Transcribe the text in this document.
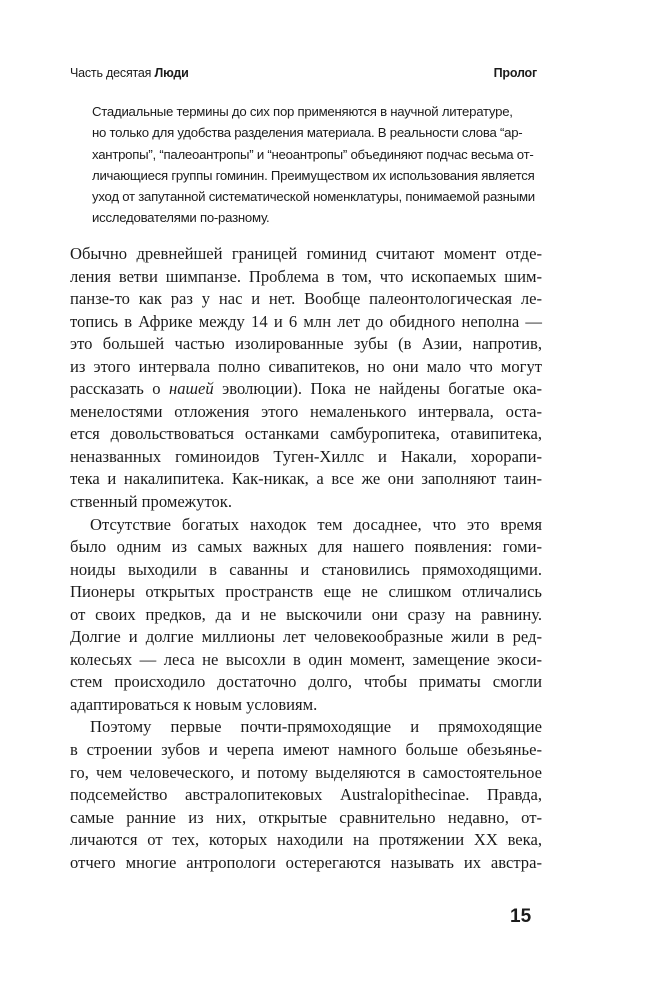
Часть десятая Люди	Пролог
Стадиальные термины до сих пор применяются в научной литературе,
но только для удобства разделения материала. В реальности слова “ар-
хантропы”, “палеоантропы” и “неоантропы” объединяют подчас весьма от-
личающиеся группы гоминин. Преимуществом их использования является
уход от запутанной систематической номенклатуры, понимаемой разными
исследователями по-разному.
Обычно древнейшей границей гоминид считают момент отде-
ления ветви шимпанзе. Проблема в том, что ископаемых шим-
панзе-то как раз у нас и нет. Вообще палеонтологическая ле-
топись в Африке между 14 и 6 млн лет до обидного неполна —
это большей частью изолированные зубы (в Азии, напротив,
из этого интервала полно сивапитеков, но они мало что могут
рассказать о нашей эволюции). Пока не найдены богатые ока-
менелостями отложения этого немаленького интервала, оста-
ется довольствоваться останками самбуропитека, отавипитека,
неназванных гоминоидов Туген-Хиллс и Накали, хорорапи-
тека и накалипитека. Как-никак, а все же они заполняют таин-
ственный промежуток.
Отсутствие богатых находок тем досаднее, что это время
было одним из самых важных для нашего появления: гоми-
ноиды выходили в саванны и становились прямоходящими.
Пионеры открытых пространств еще не слишком отличались
от своих предков, да и не выскочили они сразу на равнину.
Долгие и долгие миллионы лет человекообразные жили в ред-
колесьях — леса не высохли в один момент, замещение экоси-
стем происходило достаточно долго, чтобы приматы смогли
адаптироваться к новым условиям.
Поэтому первые почти-прямоходящие и прямоходящие
в строении зубов и черепа имеют намного больше обезьяньe-
го, чем человеческого, и потому выделяются в самостоятельное
подсемейство австралопитековых Australopithecinae. Правда,
самые ранние из них, открытые сравнительно недавно, от-
личаются от тех, которых находили на протяжении XX века,
отчего многие антропологи остерегаются называть их австра-
15
